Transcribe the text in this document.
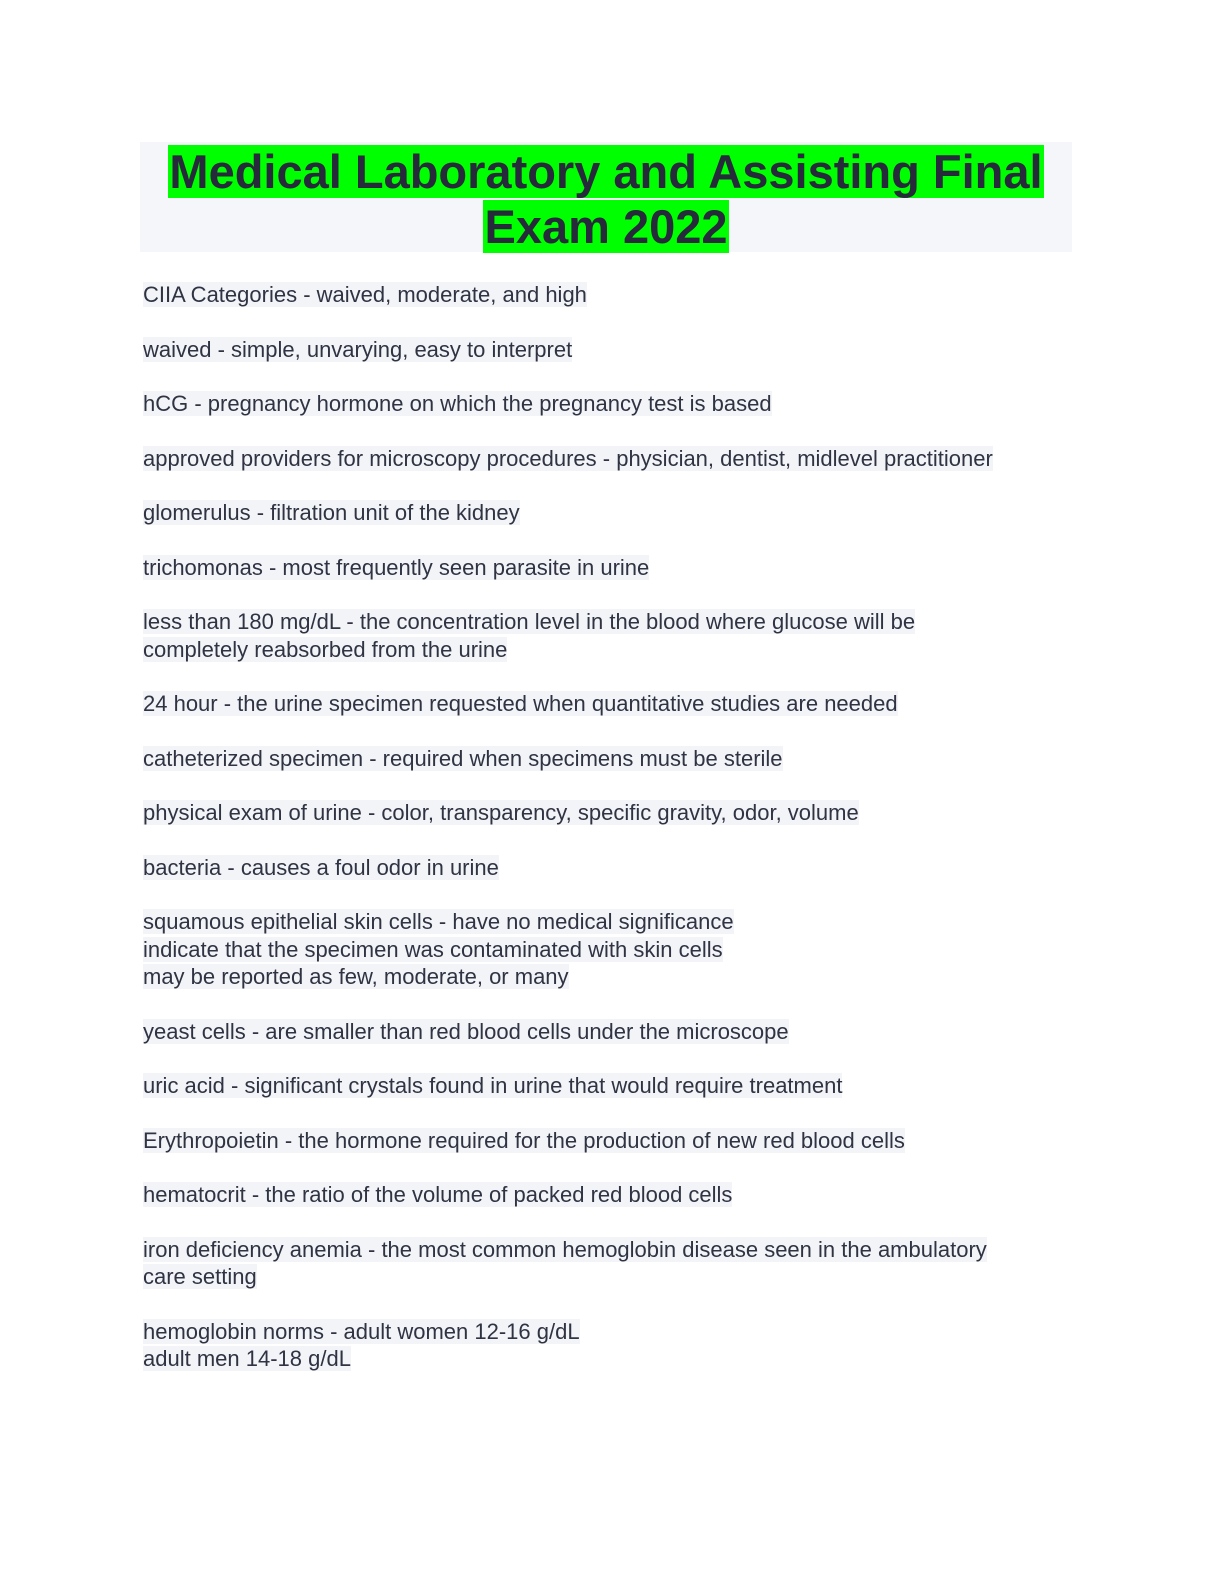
Medical Laboratory and Assisting Final
Exam 2022
CIIA Categories - waived, moderate, and high
waived - simple, unvarying, easy to interpret
hCG - pregnancy hormone on which the pregnancy test is based
approved providers for microscopy procedures - physician, dentist, midlevel practitioner
glomerulus - filtration unit of the kidney
trichomonas - most frequently seen parasite in urine
less than 180 mg/dL - the concentration level in the blood where glucose will be
completely reabsorbed from the urine
24 hour - the urine specimen requested when quantitative studies are needed
catheterized specimen - required when specimens must be sterile
physical exam of urine - color, transparency, specific gravity, odor, volume
bacteria - causes a foul odor in urine
squamous epithelial skin cells - have no medical significance
indicate that the specimen was contaminated with skin cells
may be reported as few, moderate, or many
yeast cells - are smaller than red blood cells under the microscope
uric acid - significant crystals found in urine that would require treatment
Erythropoietin - the hormone required for the production of new red blood cells
hematocrit - the ratio of the volume of packed red blood cells
iron deficiency anemia - the most common hemoglobin disease seen in the ambulatory
care setting
hemoglobin norms - adult women 12-16 g/dL
adult men 14-18 g/dL
